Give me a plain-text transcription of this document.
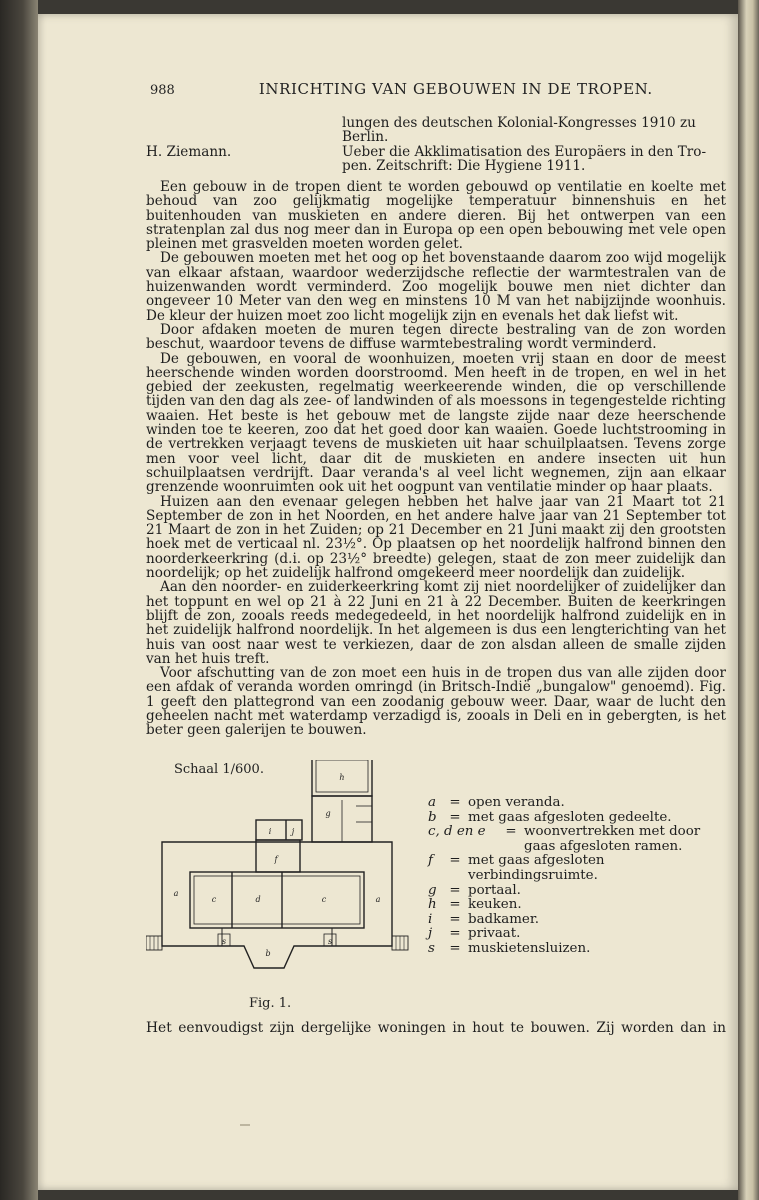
988	INRICHTING VAN GEBOUWEN IN DE TROPEN.
lungen des deutschen Kolonial-Kongresses 1910 zu
Berlin.
H. Ziemann.	Ueber die Akklimatisation des Europäers in den Tro-
pen. Zeitschrift: Die Hygiene 1911.

Een gebouw in de tropen dient te worden gebouwd op ventilatie en koelte met behoud van zoo gelijkmatig mogelijke temperatuur binnenshuis en het buitenhouden van muskieten en andere dieren. Bij het ontwerpen van een stratenplan zal dus nog meer dan in Europa op een open bebouwing met vele open pleinen met grasvelden moeten worden gelet.

De gebouwen moeten met het oog op het bovenstaande daarom zoo wijd mogelijk van elkaar afstaan, waardoor wederzijdsche reflectie der warmtestralen van de huizenwanden wordt verminderd. Zoo mogelijk bouwe men niet dichter dan ongeveer 10 Meter van den weg en minstens 10 M van het nabijzijnde woonhuis. De kleur der huizen moet zoo licht mogelijk zijn en evenals het dak liefst wit.

Door afdaken moeten de muren tegen directe bestraling van de zon worden beschut, waardoor tevens de diffuse warmtebestraling wordt verminderd.

De gebouwen, en vooral de woonhuizen, moeten vrij staan en door de meest heerschende winden worden doorstroomd. Men heeft in de tropen, en wel in het gebied der zeekusten, regelmatig weerkeerende winden, die op verschillende tijden van den dag als zee- of landwinden of als moessons in tegengestelde richting waaien. Het beste is het gebouw met de langste zijde naar deze heerschende winden toe te keeren, zoo dat het goed door kan waaien. Goede luchtstrooming in de vertrekken verjaagt tevens de muskieten uit haar schuilplaatsen. Tevens zorge men voor veel licht, daar dit de muskieten en andere insecten uit hun schuilplaatsen verdrijft. Daar veranda's al veel licht wegnemen, zijn aan elkaar grenzende woonruimten ook uit het oogpunt van ventilatie minder op haar plaats.

Huizen aan den evenaar gelegen hebben het halve jaar van 21 Maart tot 21 September de zon in het Noorden, en het andere halve jaar van 21 September tot 21 Maart de zon in het Zuiden; op 21 December en 21 Juni maakt zij den grootsten hoek met de verticaal nl. 23½°. Op plaatsen op het noordelijk halfrond binnen den noorderkeerkring (d.i. op 23½° breedte) gelegen, staat de zon meer zuidelijk dan noordelijk; op het zuidelijk halfrond omgekeerd meer noordelijk dan zuidelijk.

Aan den noorder- en zuiderkeerkring komt zij niet noordelijker of zuidelijker dan het toppunt en wel op 21 à 22 Juni en 21 à 22 December. Buiten de keerkringen blijft de zon, zooals reeds medegedeeld, in het noordelijk halfrond zuidelijk en in het zuidelijk halfrond noordelijk. In het algemeen is dus een lengterichting van het huis van oost naar west te verkiezen, daar de zon alsdan alleen de smalle zijden van het huis treft.

Voor afschutting van de zon moet een huis in de tropen dus van alle zijden door een afdak of veranda worden omringd (in Britsch-Indië „bungalow" genoemd). Fig. 1 geeft den plattegrond van een zoodanig gebouw weer. Daar, waar de lucht den geheelen nacht met waterdamp verzadigd is, zooals in Deli en in gebergten, is het beter geen galerijen te bouwen.

Schaal 1/600.
h
g
i	j
f
a
a
c	d	c
b
s	s
a = open veranda.
b = met gaas afgesloten gedeelte.
c, d en e	= woonvertrekken met door gaas afgesloten ramen.
f	= met gaas afgesloten verbindingsruimte.
g = portaal.
h = keuken.
i	= badkamer.
j	= privaat.
s	= muskietensluizen.
Fig. 1.
Het eenvoudigst zijn dergelijke woningen in hout te bouwen. Zij worden dan in
